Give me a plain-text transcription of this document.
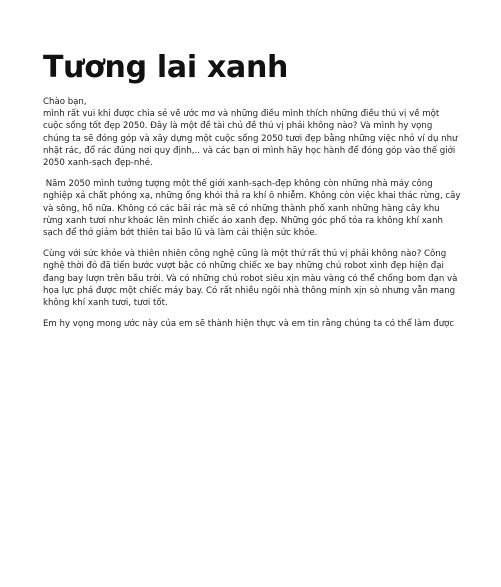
Tương lai xanh

Chào bạn,
mình rất vui khi được chia sẻ về ước mơ và những điều mình thích những điều thú vị về một cuộc sống tốt đẹp 2050. Đây là một đề tài chủ đề thú vị phải không nào? Và mình hy vọng chúng ta sẽ đóng góp và xây dựng một cuộc sống 2050 tươi đẹp bằng những việc nhỏ ví dụ như nhặt rác, đổ rác đúng nơi quy định,.. và các bạn ơi mình hãy học hành để đóng góp vào thế giới 2050 xanh-sạch đẹp-nhé.

Năm 2050 mình tưởng tượng một thế giới xanh-sạch-đẹp không còn những nhà máy công nghiệp xả chất phóng xạ, những ống khói thả ra khí ô nhiễm. Không còn việc khai thác rừng, cây và sông, hồ nữa. Không có các bãi rác mà sẽ có những thành phố xanh những hàng cây khu rừng xanh tươi như khoác lên mình chiếc áo xanh đẹp. Những góc phố tỏa ra không khí xanh sạch để thở giảm bớt thiên tai bão lũ và làm cải thiện sức khỏe.

Cùng với sức khỏe và thiên nhiên công nghệ cũng là một thứ rất thú vị phải không nào? Công nghệ thời đó đã tiến bước vượt bậc có những chiếc xe bay những chú robot xinh đẹp hiện đại đang bay lượn trên bầu trời. Và có những chú robot siêu xịn màu vàng có thể chống bom đạn và họa lực phá được một chiếc máy bay. Có rất nhiều ngôi nhà thông minh xịn sò nhưng vẫn mang không khí xanh tươi, tươi tốt.

Em hy vọng mong ước này của em sẽ thành hiện thực và em tin rằng chúng ta có thể làm được
